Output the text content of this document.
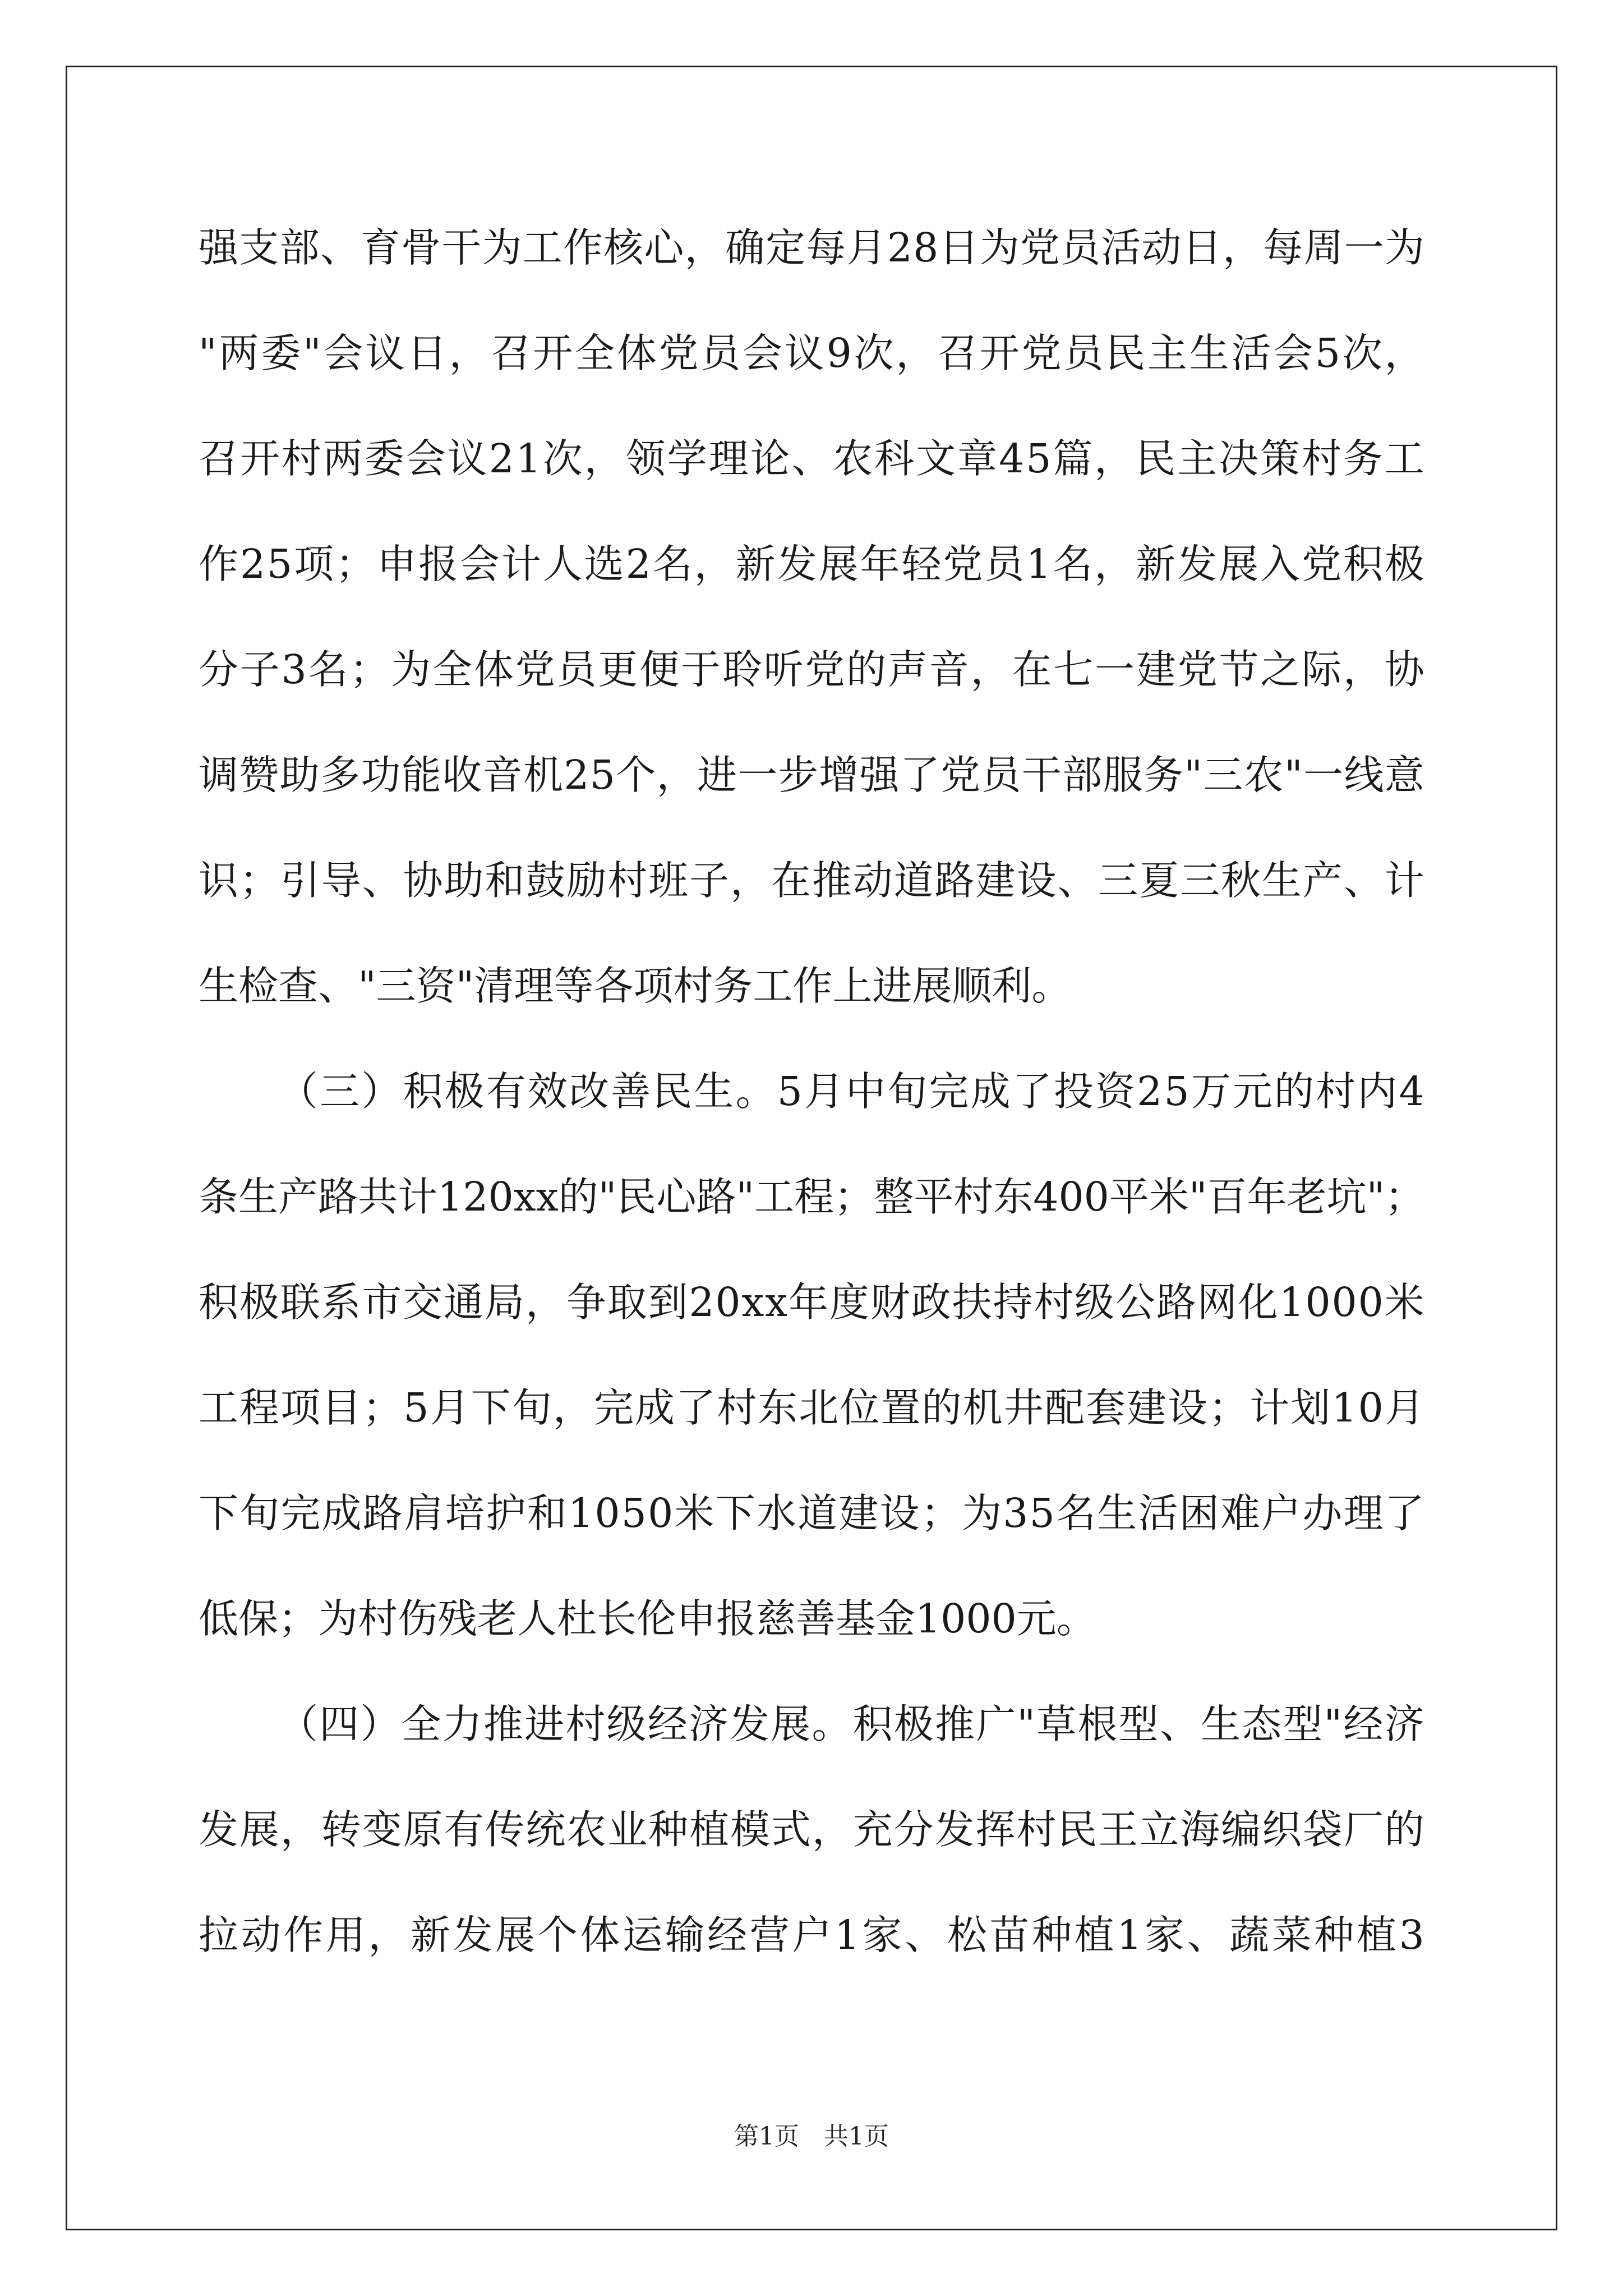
强 支 部 、 育 骨 干 为 工 作 核 心 ， 确 定 每 月 2 8 日 为 党 员 活 动 日 ， 每 周 一 为
" 两 委 " 会 议 日 ， 召 开 全 体 党 员 会 议 9 次 ， 召 开 党 员 民 主 生 活 会 5 次 ，
召 开 村 两 委 会 议 2 1 次 ， 领 学 理 论 、 农 科 文 章 4 5 篇 ， 民 主 决 策 村 务 工
作 2 5 项 ； 申 报 会 计 人 选 2 名 ， 新 发 展 年 轻 党 员 1 名 ， 新 发 展 入 党 积 极
分 子 3 名 ； 为 全 体 党 员 更 便 于 聆 听 党 的 声 音 ， 在 七 一 建 党 节 之 际 ， 协
调 赞 助 多 功 能 收 音 机 2 5 个 ， 进 一 步 增 强 了 党 员 干 部 服 务 " 三 农 " 一 线 意
识 ； 引 导 、 协 助 和 鼓 励 村 班 子 ， 在 推 动 道 路 建 设 、 三 夏 三 秋 生 产 、 计
生检查、"三资"清理等各项村务工作上进展顺利。
（ 三 ） 积 极 有 效 改 善 民 生 。 5 月 中 旬 完 成 了 投 资 2 5 万 元 的 村 内 4
条 生 产 路 共 计 1 2 0 x x 的 " 民 心 路 " 工 程 ； 整 平 村 东 4 0 0 平 米 " 百 年 老 坑 " ；
积 极 联 系 市 交 通 局 ， 争 取 到 2 0 x x 年 度 财 政 扶 持 村 级 公 路 网 化 1 0 0 0 米
工 程 项 目 ； 5 月 下 旬 ， 完 成 了 村 东 北 位 置 的 机 井 配 套 建 设 ； 计 划 1 0 月
下 旬 完 成 路 肩 培 护 和 1 0 5 0 米 下 水 道 建 设 ； 为 3 5 名 生 活 困 难 户 办 理 了
低保；为村伤残老人杜长伦申报慈善基金1000元。
（ 四 ） 全 力 推 进 村 级 经 济 发 展 。 积 极 推 广 " 草 根 型 、 生 态 型 " 经 济
发 展 ， 转 变 原 有 传 统 农 业 种 植 模 式 ， 充 分 发 挥 村 民 王 立 海 编 织 袋 厂 的
拉 动 作 用 ， 新 发 展 个 体 运 输 经 营 户 1 家 、 松 苗 种 植 1 家 、 蔬 菜 种 植 3
第1页 共1页
